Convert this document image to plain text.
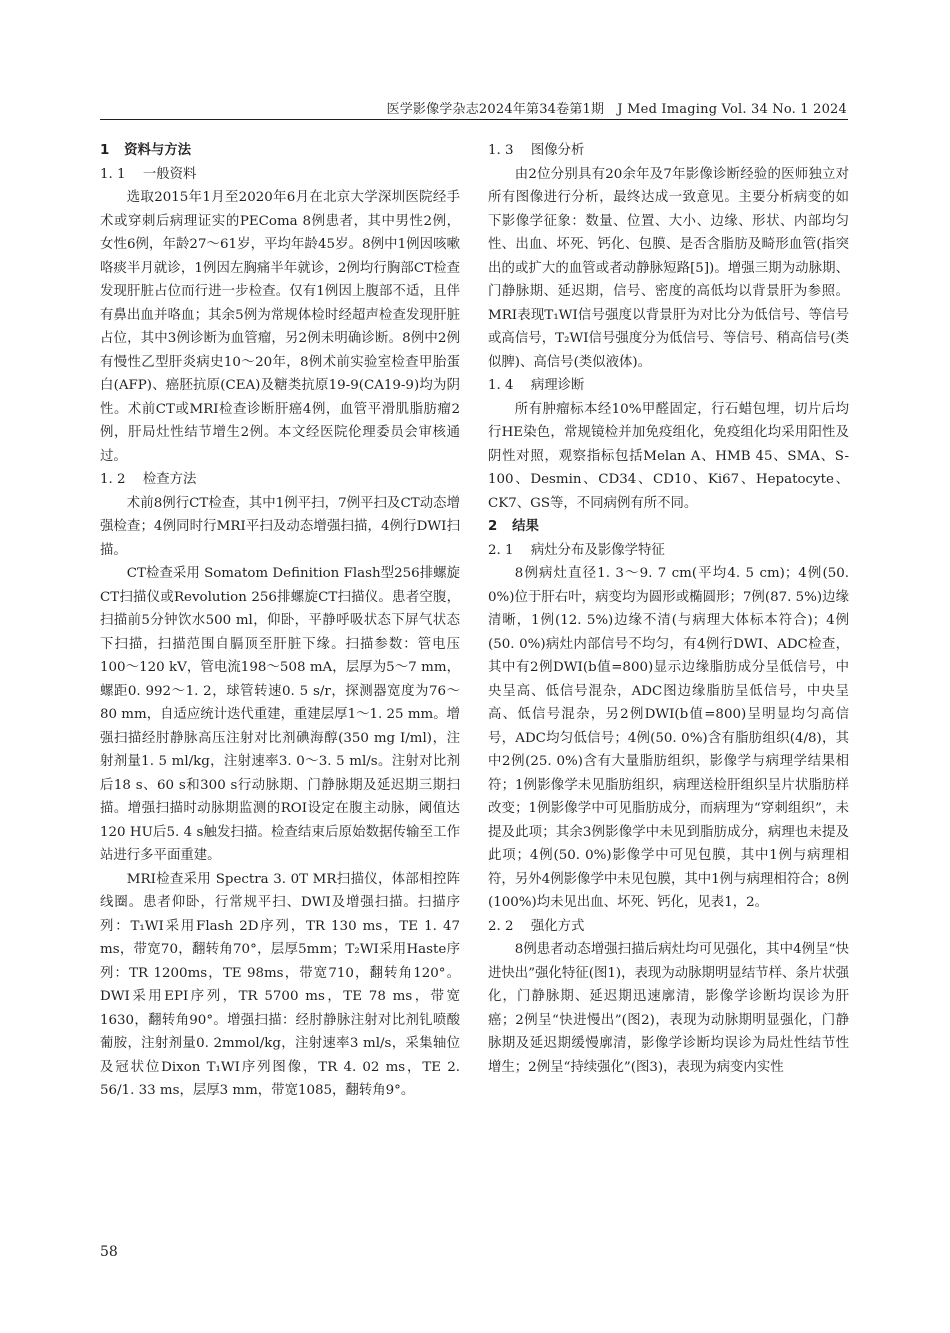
医学影像学杂志2024年第34卷第1期　J Med Imaging Vol. 34 No. 1 2024
1 资料与方法
1. 1 一般资料

选取2015年1月至2020年6月在北京大学深圳医院经手术或穿刺后病理证实的PEComa 8例患者，其中男性2例，女性6例，年龄27～61岁，平均年龄45岁。8例中1例因咳嗽咯痰半月就诊，1例因左胸痛半年就诊，2例均行胸部CT检查发现肝脏占位而行进一步检查。仅有1例因上腹部不适，且伴有鼻出血并咯血；其余5例为常规体检时经超声检查发现肝脏占位，其中3例诊断为血管瘤，另2例未明确诊断。8例中2例有慢性乙型肝炎病史10～20年，8例术前实验室检查甲胎蛋白(AFP)、癌胚抗原(CEA)及糖类抗原19-9(CA19-9)均为阴性。术前CT或MRI检查诊断肝癌4例，血管平滑肌脂肪瘤2例，肝局灶性结节增生2例。本文经医院伦理委员会审核通过。

1. 2 检查方法

术前8例行CT检查，其中1例平扫，7例平扫及CT动态增强检查；4例同时行MRI平扫及动态增强扫描，4例行DWI扫描。

CT检查采用 Somatom Definition Flash型256排螺旋CT扫描仪或Revolution 256排螺旋CT扫描仪。患者空腹，扫描前5分钟饮水500 ml，仰卧，平静呼吸状态下屏气状态下扫描，扫描范围自膈顶至肝脏下缘。扫描参数：管电压100～120 kV，管电流198～508 mA，层厚为5～7 mm，螺距0. 992～1. 2，球管转速0. 5 s/r，探测器宽度为76～80 mm，自适应统计迭代重建，重建层厚1～1. 25 mm。增强扫描经肘静脉高压注射对比剂碘海醇(350 mg I/ml)，注射剂量1. 5 ml/kg，注射速率3. 0～3. 5 ml/s。注射对比剂后18 s、60 s和300 s行动脉期、门静脉期及延迟期三期扫描。增强扫描时动脉期监测的ROI设定在腹主动脉，阈值达120 HU后5. 4 s触发扫描。检查结束后原始数据传输至工作站进行多平面重建。

MRI检查采用 Spectra 3. 0T MR扫描仪，体部相控阵线圈。患者仰卧，行常规平扫、DWI及增强扫描。扫描序列：T₁WI采用Flash 2D序列，TR 130 ms，TE 1. 47 ms，带宽70，翻转角70°，层厚5mm；T₂WI采用Haste序列：TR 1200ms，TE 98ms，带宽710，翻转角120°。DWI采用EPI序列，TR 5700 ms，TE 78 ms，带宽1630，翻转角90°。增强扫描：经肘静脉注射对比剂钆喷酸葡胺，注射剂量0. 2mmol/kg，注射速率3 ml/s，采集轴位及冠状位Dixon T₁WI序列图像，TR 4. 02 ms，TE 2. 56/1. 33 ms，层厚3 mm，带宽1085，翻转角9°。

1. 3 图像分析

由2位分别具有20余年及7年影像诊断经验的医师独立对所有图像进行分析，最终达成一致意见。主要分析病变的如下影像学征象：数量、位置、大小、边缘、形状、内部均匀性、出血、坏死、钙化、包膜、是否含脂肪及畸形血管(指突出的或扩大的血管或者动静脉短路[5])。增强三期为动脉期、门静脉期、延迟期，信号、密度的高低均以背景肝为参照。MRI表现T₁WI信号强度以背景肝为对比分为低信号、等信号或高信号，T₂WI信号强度分为低信号、等信号、稍高信号(类似脾)、高信号(类似液体)。

1. 4 病理诊断

所有肿瘤标本经10%甲醛固定，行石蜡包埋，切片后均行HE染色，常规镜检并加免疫组化，免疫组化均采用阳性及阴性对照，观察指标包括Melan A、HMB 45、SMA、S-100、Desmin、CD34、CD10、Ki67、Hepatocyte、CK7、GS等，不同病例有所不同。

2 结果
2. 1 病灶分布及影像学特征

8例病灶直径1. 3～9. 7 cm(平均4. 5 cm)；4例(50. 0%)位于肝右叶，病变均为圆形或椭圆形；7例(87. 5%)边缘清晰，1例(12. 5%)边缘不清(与病理大体标本符合)；4例(50. 0%)病灶内部信号不均匀，有4例行DWI、ADC检查，其中有2例DWI(b值=800)显示边缘脂肪成分呈低信号，中央呈高、低信号混杂，ADC图边缘脂肪呈低信号，中央呈高、低信号混杂，另2例DWI(b值=800)呈明显均匀高信号，ADC均匀低信号；4例(50. 0%)含有脂肪组织(4/8)，其中2例(25. 0%)含有大量脂肪组织，影像学与病理学结果相符；1例影像学未见脂肪组织，病理送检肝组织呈片状脂肪样改变；1例影像学中可见脂肪成分，而病理为“穿刺组织”，未提及此项；其余3例影像学中未见到脂肪成分，病理也未提及此项；4例(50. 0%)影像学中可见包膜，其中1例与病理相符，另外4例影像学中未见包膜，其中1例与病理相符合；8例(100%)均未见出血、坏死、钙化，见表1，2。

2. 2 强化方式

8例患者动态增强扫描后病灶均可见强化，其中4例呈“快进快出”强化特征(图1)，表现为动脉期明显结节样、条片状强化，门静脉期、延迟期迅速廓清，影像学诊断均误诊为肝癌；2例呈“快进慢出”(图2)，表现为动脉期明显强化，门静脉期及延迟期缓慢廓清，影像学诊断均误诊为局灶性结节性增生；2例呈“持续强化”(图3)，表现为病变内实性

58
